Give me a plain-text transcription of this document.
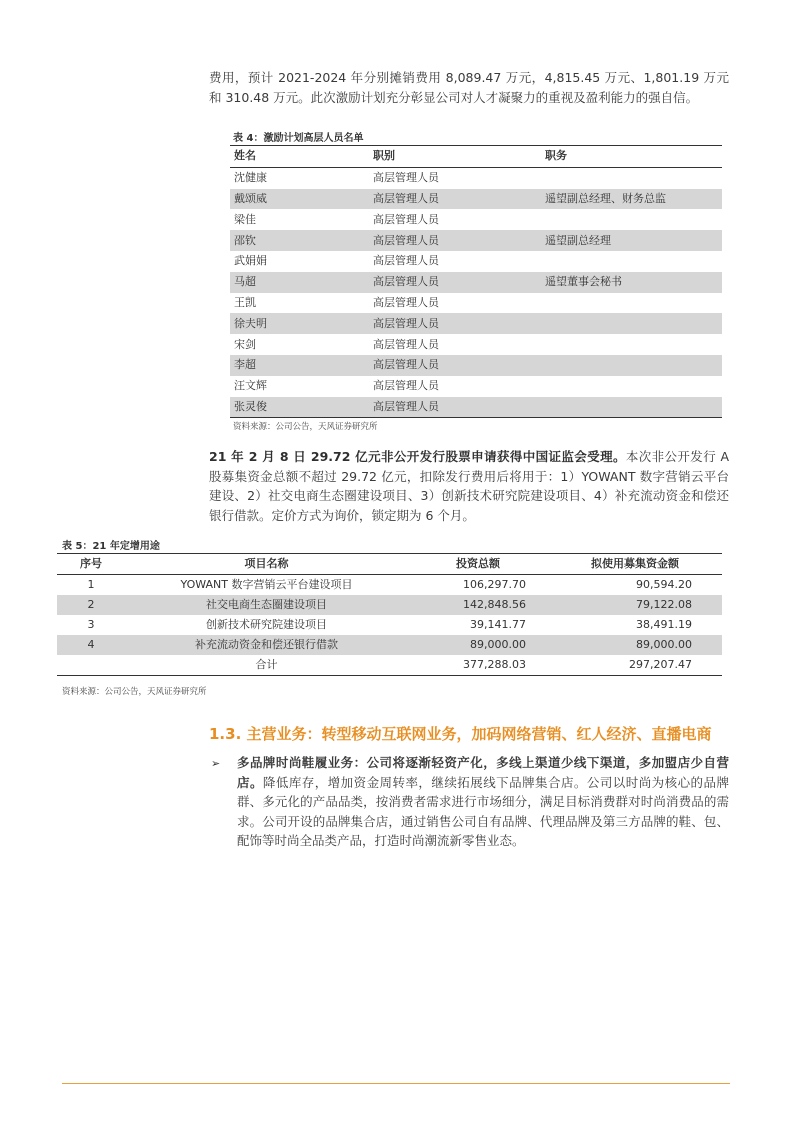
费用，预计 2021-2024 年分别摊销费用 8,089.47 万元，4,815.45 万元、1,801.19 万元和 310.48 万元。此次激励计划充分彰显公司对人才凝聚力的重视及盈利能力的强自信。

表 4：激励计划高层人员名单
姓名	职别	职务
沈健康	高层管理人员	
戴颂威	高层管理人员	遥望副总经理、财务总监
梁佳	高层管理人员	
邵钦	高层管理人员	遥望副总经理
武娟娟	高层管理人员	
马超	高层管理人员	遥望董事会秘书
王凯	高层管理人员	
徐夫明	高层管理人员	
宋剑	高层管理人员	
李超	高层管理人员	
汪文辉	高层管理人员	
张灵俊	高层管理人员	
资料来源：公司公告，天风证券研究所

21 年 2 月 8 日 29.72 亿元非公开发行股票申请获得中国证监会受理。本次非公开发行 A 股募集资金总额不超过 29.72 亿元，扣除发行费用后将用于：1）YOWANT 数字营销云平台建设、2）社交电商生态圈建设项目、3）创新技术研究院建设项目、4）补充流动资金和偿还银行借款。定价方式为询价，锁定期为 6 个月。

表 5：21 年定增用途
序号	项目名称	投资总额	拟使用募集资金额
1	YOWANT 数字营销云平台建设项目	106,297.70	90,594.20
2	社交电商生态圈建设项目	142,848.56	79,122.08
3	创新技术研究院建设项目	39,141.77	38,491.19
4	补充流动资金和偿还银行借款	89,000.00	89,000.00
	合计	377,288.03	297,207.47
资料来源：公司公告，天风证券研究所
1.3. 主营业务：转型移动互联网业务，加码网络营销、红人经济、直播电商
➢ 多品牌时尚鞋履业务：公司将逐渐轻资产化，多线上渠道少线下渠道，多加盟店少自营店。降低库存，增加资金周转率，继续拓展线下品牌集合店。公司以时尚为核心的品牌群、多元化的产品品类，按消费者需求进行市场细分，满足目标消费群对时尚消费品的需求。公司开设的品牌集合店，通过销售公司自有品牌、代理品牌及第三方品牌的鞋、包、配饰等时尚全品类产品，打造时尚潮流新零售业态。
